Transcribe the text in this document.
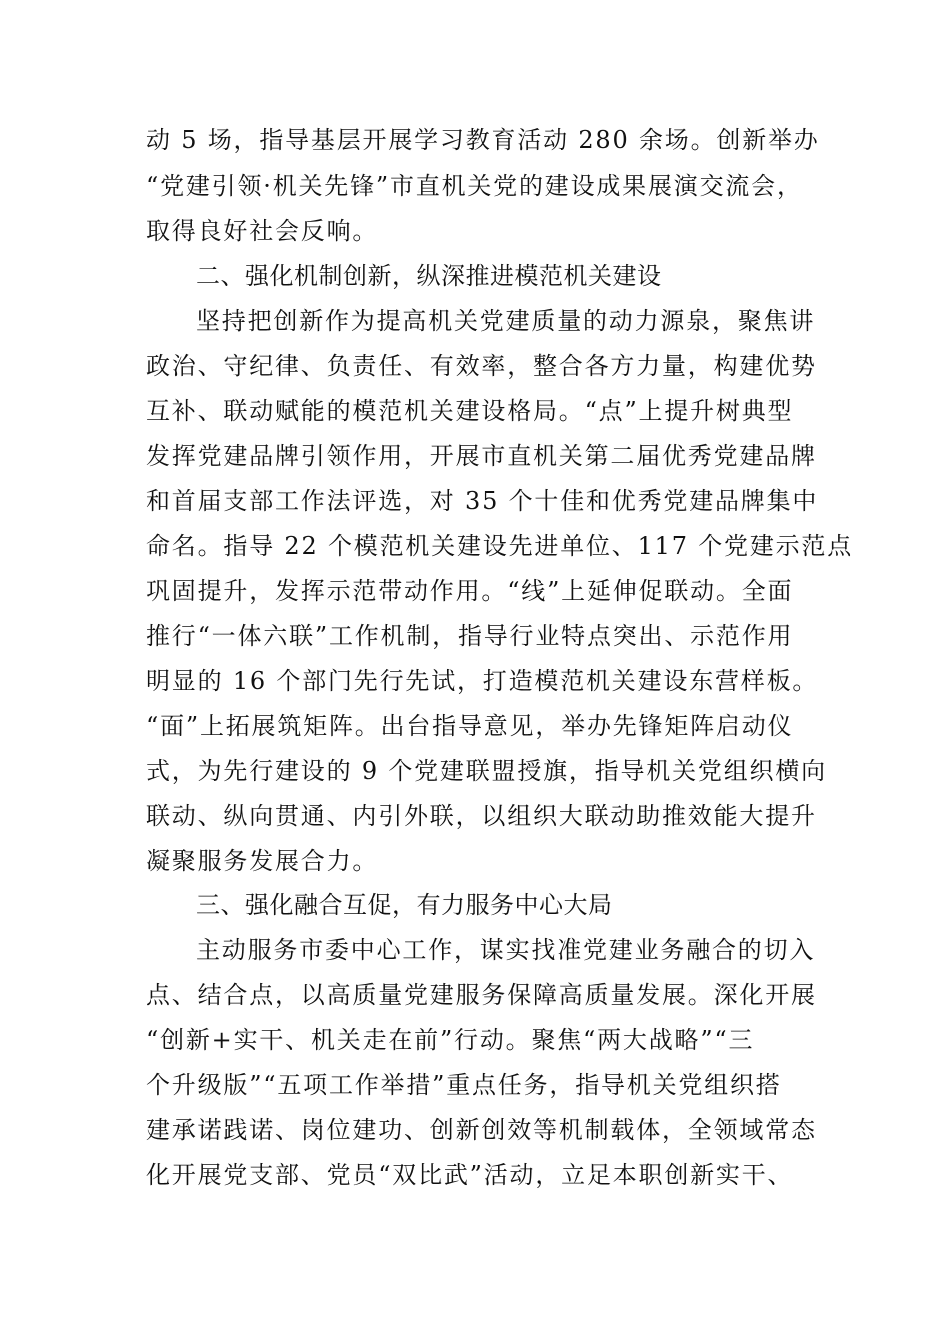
动 5 场，指导基层开展学习教育活动 280 余场。创新举办
“党建引领·机关先锋”市直机关党的建设成果展演交流会，
取得良好社会反响。
二、强化机制创新，纵深推进模范机关建设
坚持把创新作为提高机关党建质量的动力源泉，聚焦讲
政治、守纪律、负责任、有效率，整合各方力量，构建优势
互补、联动赋能的模范机关建设格局。“点”上提升树典型
发挥党建品牌引领作用，开展市直机关第二届优秀党建品牌
和首届支部工作法评选，对 35 个十佳和优秀党建品牌集中
命名。指导 22 个模范机关建设先进单位、117 个党建示范点
巩固提升，发挥示范带动作用。“线”上延伸促联动。全面
推行“一体六联”工作机制，指导行业特点突出、示范作用
明显的 16 个部门先行先试，打造模范机关建设东营样板。
“面”上拓展筑矩阵。出台指导意见，举办先锋矩阵启动仪
式，为先行建设的 9 个党建联盟授旗，指导机关党组织横向
联动、纵向贯通、内引外联，以组织大联动助推效能大提升
凝聚服务发展合力。
三、强化融合互促，有力服务中心大局
主动服务市委中心工作，谋实找准党建业务融合的切入
点、结合点，以高质量党建服务保障高质量发展。深化开展
“创新+实干、机关走在前”行动。聚焦“两大战略”“三
个升级版”“五项工作举措”重点任务，指导机关党组织搭
建承诺践诺、岗位建功、创新创效等机制载体，全领域常态
化开展党支部、党员“双比武”活动，立足本职创新实干、
